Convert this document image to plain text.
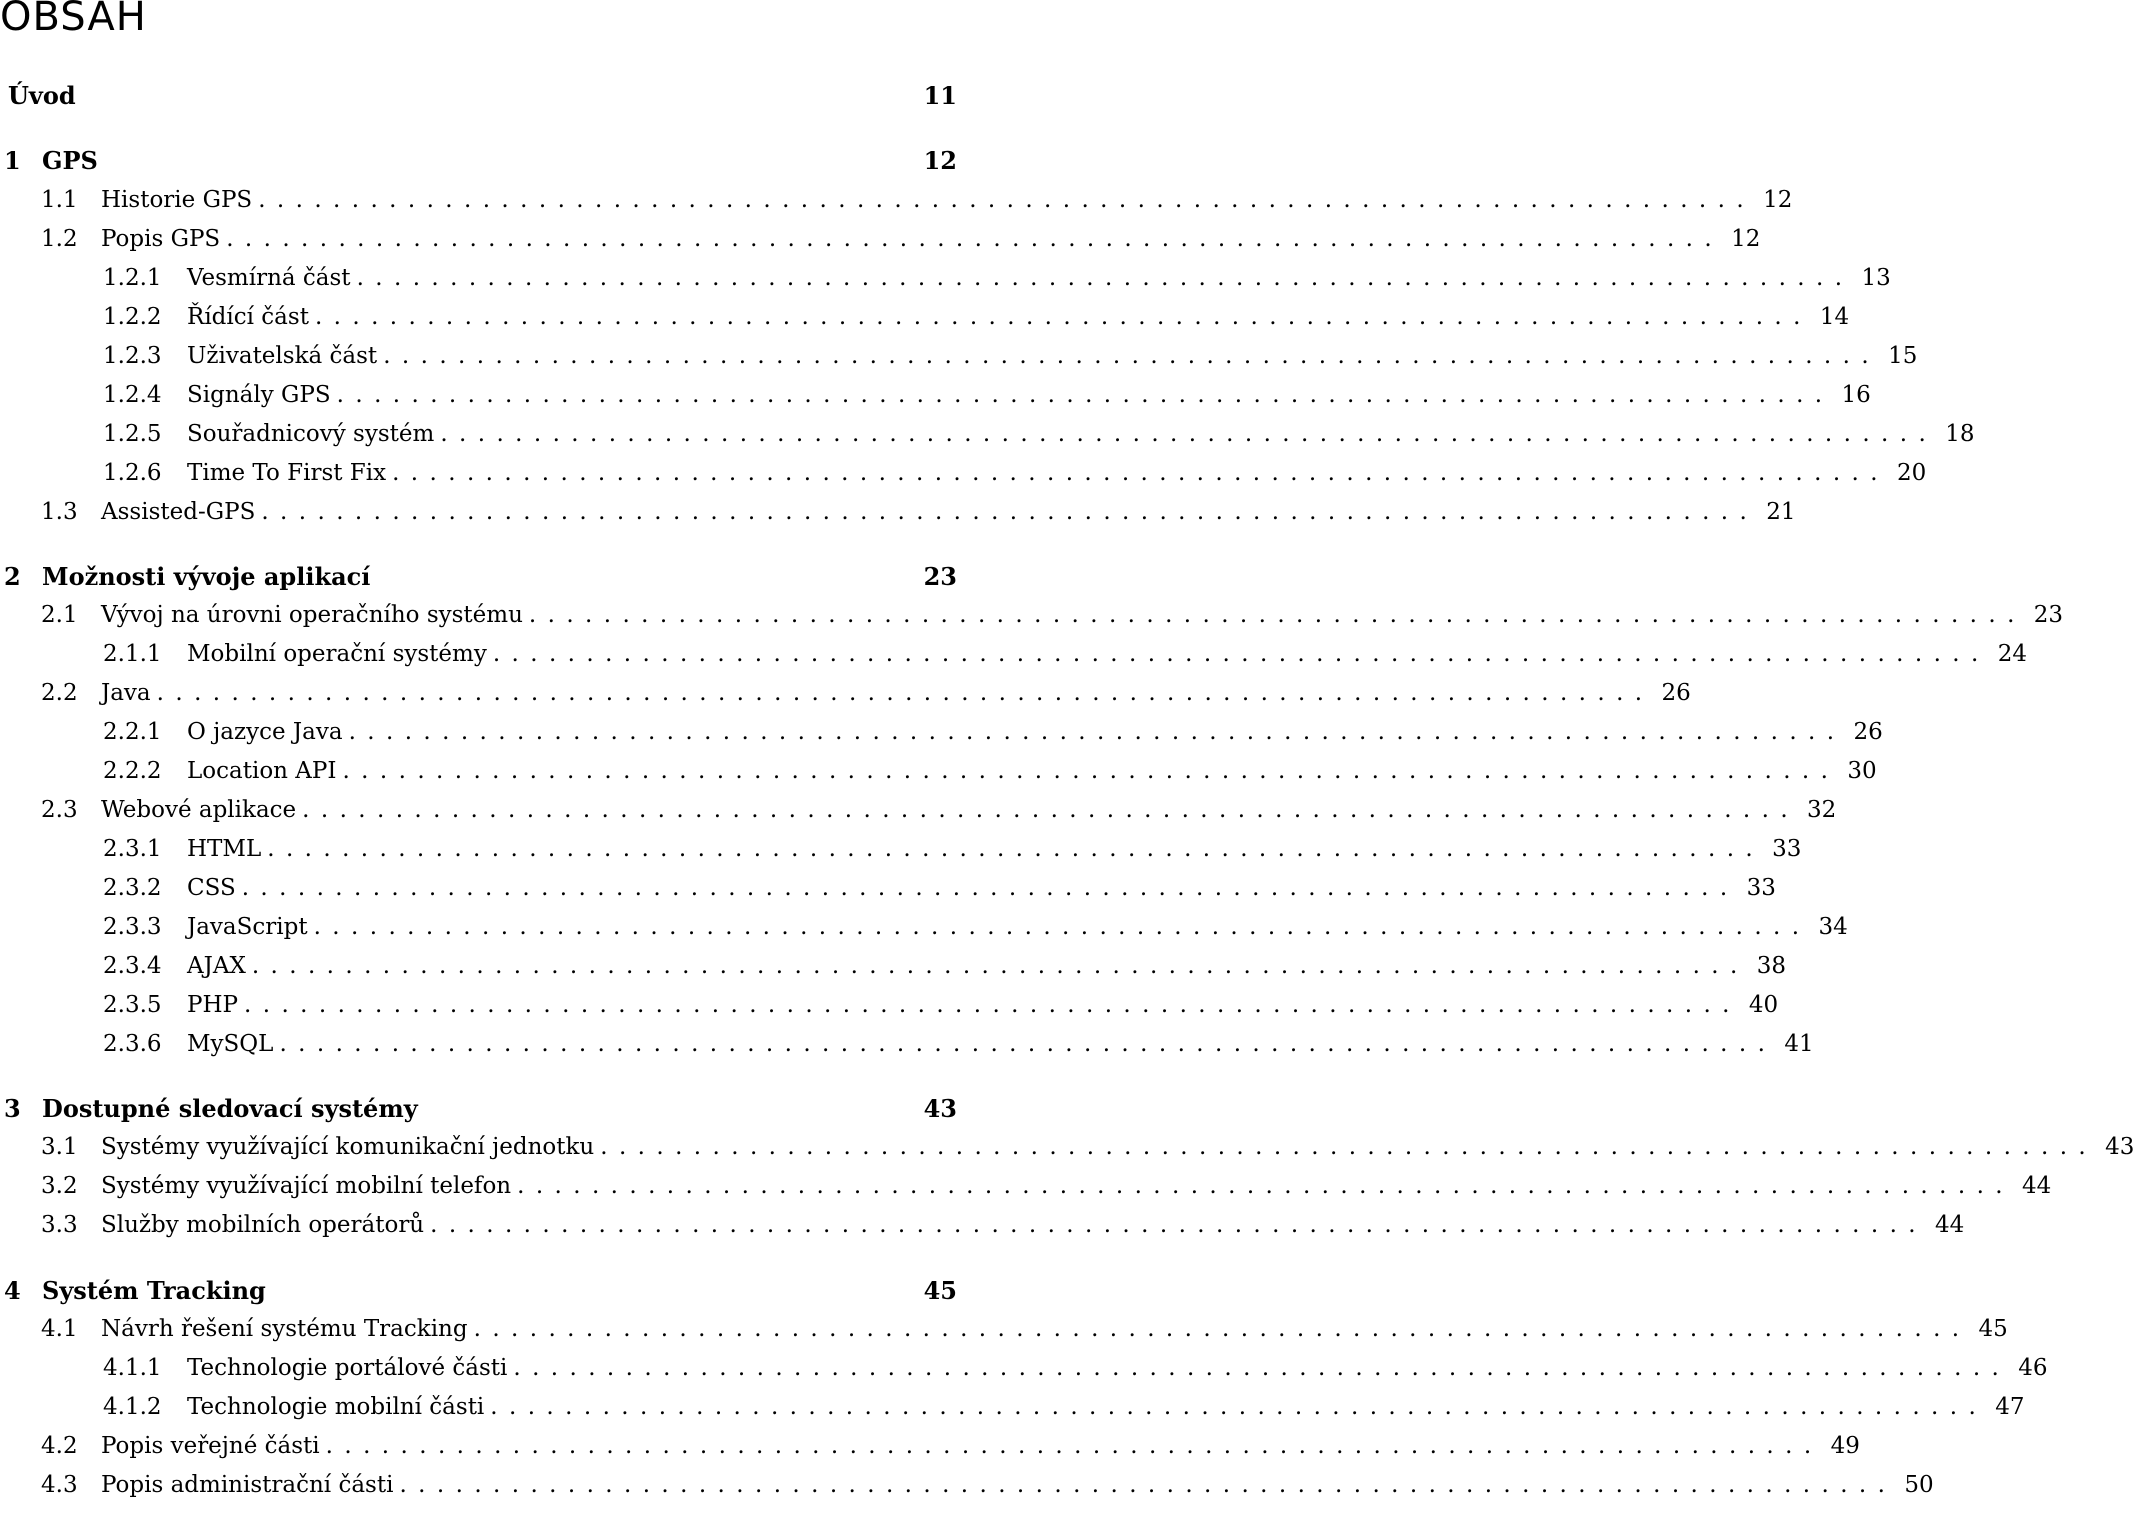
OBSAH
Úvod	11
1 GPS	12
1.1	Historie GPS ................................................................................ 12
1.2	Popis GPS ................................................................................ 12
1.2.1	Vesmírná část ................................................................................ 13
1.2.2	Řídící část ................................................................................ 14
1.2.3	Uživatelská část ................................................................................ 15
1.2.4	Signály GPS ................................................................................ 16
1.2.5	Souřadnicový systém ................................................................................ 18
1.2.6	Time To First Fix ................................................................................ 20
1.3	Assisted-GPS ................................................................................ 21
2 Možnosti vývoje aplikací	23
2.1	Vývoj na úrovni operačního systému ................................................................................ 23
2.1.1	Mobilní operační systémy ................................................................................ 24
2.2	Java ................................................................................ 26
2.2.1	O jazyce Java ................................................................................ 26
2.2.2	Location API ................................................................................ 30
2.3	Webové aplikace ................................................................................ 32
2.3.1	HTML ................................................................................ 33
2.3.2	CSS ................................................................................ 33
2.3.3	JavaScript ................................................................................ 34
2.3.4	AJAX ................................................................................ 38
2.3.5	PHP ................................................................................ 40
2.3.6	MySQL ................................................................................ 41
3 Dostupné sledovací systémy	43
3.1	Systémy využívající komunikační jednotku ................................................................................ 43
3.2	Systémy využívající mobilní telefon ................................................................................ 44
3.3	Služby mobilních operátorů ................................................................................ 44
4 Systém Tracking	45
4.1	Návrh řešení systému Tracking ................................................................................ 45
4.1.1	Technologie portálové části ................................................................................ 46
4.1.2	Technologie mobilní části ................................................................................ 47
4.2	Popis veřejné části ................................................................................ 49
4.3	Popis administrační části ................................................................................ 50
